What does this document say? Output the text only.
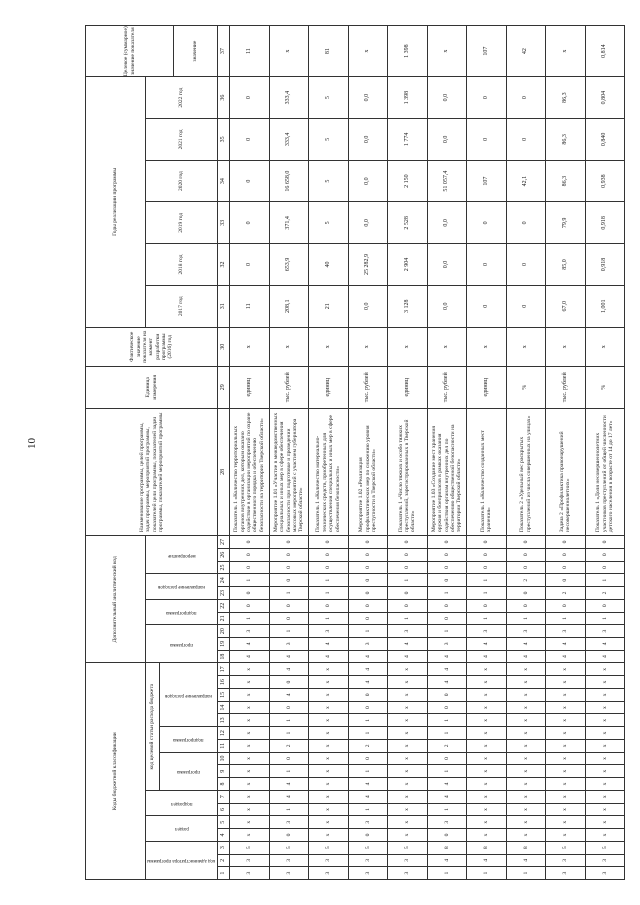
10
Коды бюджетной классификации																	Дополнительный аналитический код										Наименование программы, целей программы, задач программы, мероприятий программы, показателей цели программы, показателей задач программы, показателей мероприятий программы	Единица измерения	Фактическое значение показателя на момент разработки программы (2016) год	Годы реализации программы						Целевое (суммарное) значение показателя

код администратора программы			раздел		подраздел		код целевой статьи расхода бюджета										программа			подпрограмма		направление расходов		мероприятие						2017 год	2018 год	2019 год	2020 год	2021 год	2022 год	

							программа			подпрограмма		направление расходов																								

																																				значение
1	2	3	4	5	6	7	8	9	10	11	12	13	14	15	16	17	18	19	20	21	22	23	24	25	26	27	28	29	30	31	32	33	34	35	36	37
3	3	5	x	x	x	x	x	x	x	x	x	x	x	x	x	x	4	4	3	1	0	0	1	0	0	0	Показатель 1 «Количество территориальных органов внутренних дел, которым оказано содействие в организации мероприятий по охране общественного порядка и обеспечению безопасности на территории Тверской области»	единиц	x	11	0	0	0	0	0	11
3	3	5	0	3	1	4	4	1	0	2	1	1	0	4	0	4	4	3	1	0	0	1	0	0	0	0	Мероприятие 1.01 «Участие в межведомственных специальных и иных мер в сфере обеспечения безопасности при подготовке и проведении массовых мероприятий с участием губернатора Тверской области»	тыс. рублей	x	208,1	653,9	371,4	16 658,0	333,4	333,4	x
3	3	5	x	x	x	x	x	x	x	x	x	x	x	x	x	x	4	4	3	1	0	1	1	0	0	0	Показатель 1 «Количество материально-технических средств, приобретенных для осуществления специальных и иных мер в сфере обеспечения безопасности»	единиц	x	21	40	5	5	5	5	81
3	3	5	0	3	1	4	4	1	0	2	1	1	0	0	4	4	4	3	1	0	0	0	0	0	0	0	Мероприятие 1.02 «Реализация профилактических мер по снижению уровня преступности в Тверской области»	тыс. рублей	x	0,0	25 282,9	0,0	0,0	0,0	0,0	x
3	3	5	x	x	x	x	x	x	x	x	x	x	x	x	x	x	4	4	3	1	0	0	1	0	0	0	Показатель 1 «Число тяжких и особо тяжких преступлений, зарегистрированных в Тверской области»	единиц	x	3 128	2 904	2 528	2 150	1 774	1 398	1 398
1	4	8	0	3	1	4	4	1	0	2	1	1	0	0	4	4	4	3	1	0	0	1	0	0	0	0	Мероприятие 1.03 «Создание мест хранения оружия и боеприпасов в рамках оказания содействия органам внутренних дел по обеспечению общественной безопасности на территории Тверской области»	тыс. рублей	x	0,0	0,0	0,0	51 057,4	0,0	0,0	x
1	4	8	x	x	x	x	x	x	x	x	x	x	x	x	x	x	4	4	3	1	0	1	1	0	0	0	Показатель 1 «Количество созданных мест хранения»	единиц	x	0	0	0	107	0	0	107
1	4	8	x	x	x	x	x	x	x	x	x	x	x	x	x	x	4	4	3	1	0	0	2	0	0	0	Показатель 2 «Удельный вес раскрытых преступлений из числа совершенных на улицах»	%	x	0	0	0	42,1	0	0	42
3	3	5	x	x	x	x	x	x	x	x	x	x	x	x	x	x	4	4	3	1	0	2	0	0	0	0	Задача 2 «Профилактика правонарушений несовершеннолетних»	тыс. рублей	x	67,0	85,0	79,9	86,3	86,3	86,3	x
3	3	5	x	x	x	x	x	x	x	x	x	x	x	x	x	x	4	4	3	1	0	2	1	0	0	0	Показатель 1 «Доля несовершеннолетних участников преступлений от общей численности детского населения в возрасте от 14 до 17 лет»	%	x	1,001	0,918	0,918	0,938	0,840	0,804	0,814
